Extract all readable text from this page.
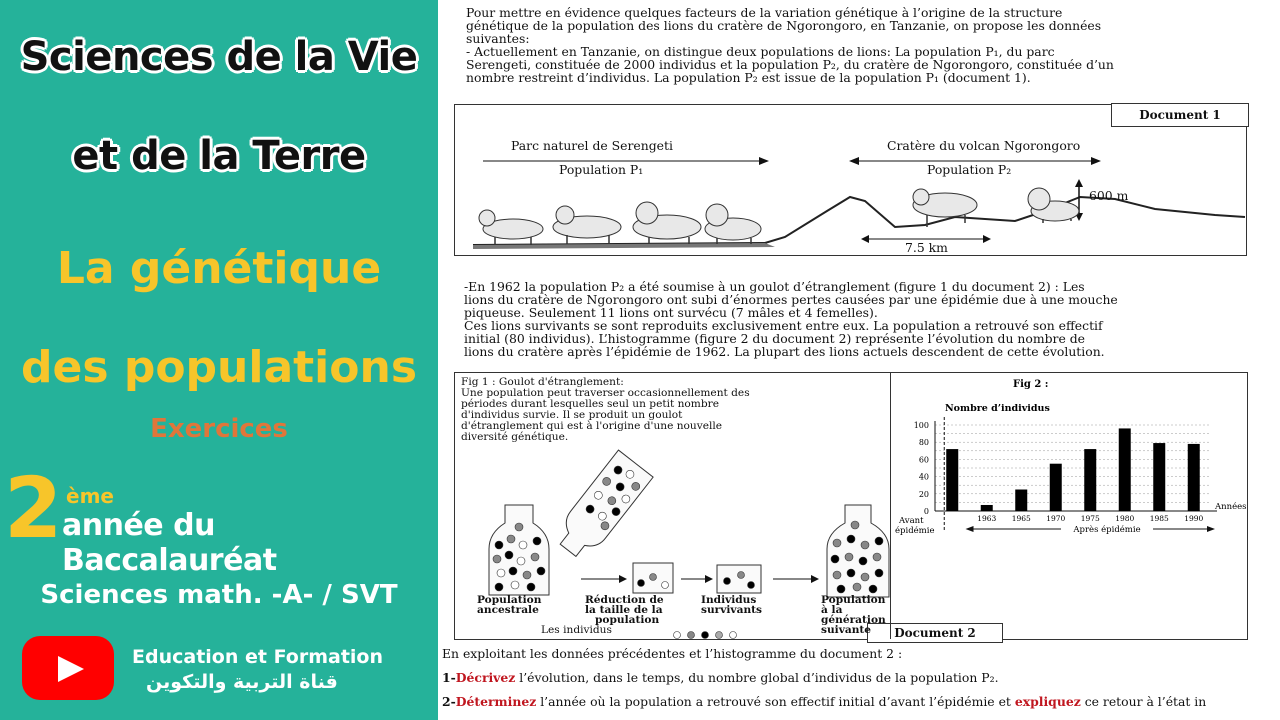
Sciences de la Vie
et de la Terre
La génétique
des populations
Exercices
2 ème
année du Baccalauréat
Sciences math. -A- / SVT
Education et Formation
قناة التربية والتكوين
Pour mettre en évidence quelques facteurs de la variation génétique à l’origine de la structure
génétique de la population des lions du cratère de Ngorongoro, en Tanzanie, on propose les données
suivantes:
- Actuellement en Tanzanie, on distingue deux populations de lions: La population P₁, du parc
Serengeti, constituée de 2000 individus et la population P₂, du cratère de Ngorongoro, constituée d’un
nombre restreint d’individus. La population P₂ est issue de la population P₁ (document 1).
Document 1
Parc naturel de Serengeti
Population P₁
Cratère du volcan Ngorongoro
Population P₂
600 m
7.5 km
-En 1962 la population P₂ a été soumise à un goulot d’étranglement (figure 1 du document 2) : Les
lions du cratère de Ngorongoro ont subi d’énormes pertes causées par une épidémie due à une mouche
piqueuse. Seulement 11 lions ont survécu (7 mâles et 4 femelles).
Ces lions survivants se sont reproduits exclusivement entre eux. La population a retrouvé son effectif
initial (80 individus). L’histogramme (figure 2 du document 2) représente l’évolution du nombre de
lions du cratère après l’épidémie de 1962. La plupart des lions actuels descendent de cette évolution.
Document 2
Fig 1 : Goulot d'étranglement:
Une population peut traverser occasionnellement des
périodes durant lesquelles seul un petit nombre
d'individus survie. Il se produit un goulot
d'étranglement qui est à l'origine d'une nouvelle
diversité génétique.
Population
ancestrale
Réduction de
la taille de la
population
Individus
survivants
Population
à la
génération
suivante
Les individus
Fig 2 :
Nombre d’individus
0
20
40
60
80
100
1963 1965 1970 1975 1980 1985 1990
Années
Avant
épidémie	Après épidémie
En exploitant les données précédentes et l’histogramme du document 2 :
1-Décrivez l’évolution, dans le temps, du nombre global d’individus de la population P₂.
2-Déterminez l’année où la population a retrouvé son effectif initial d’avant l’épidémie et expliquez ce retour à l’état in
